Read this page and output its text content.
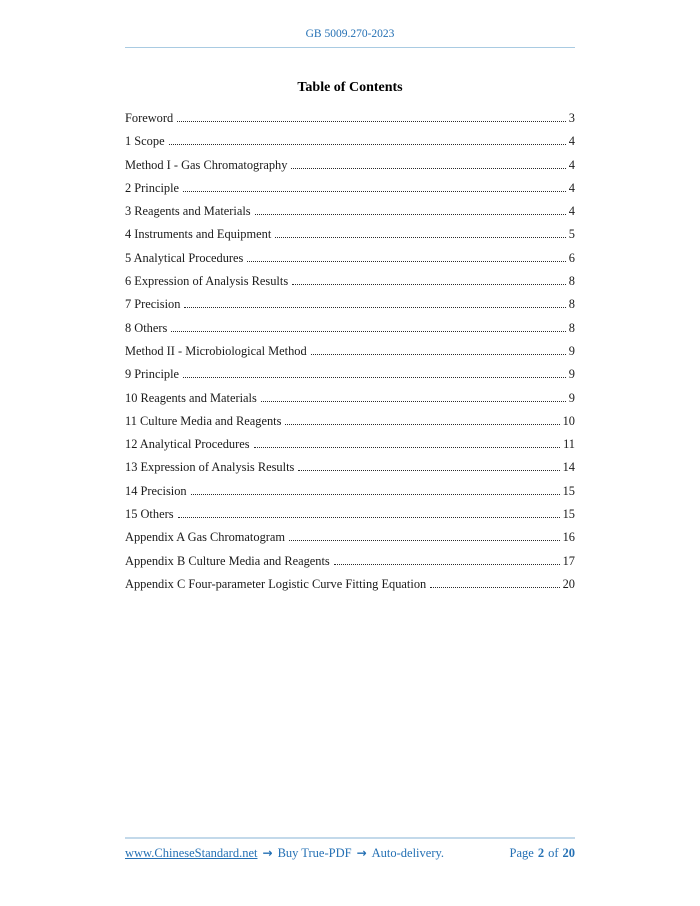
GB 5009.270-2023
Table of Contents
Foreword	3
1 Scope	4
Method I - Gas Chromatography	4
2 Principle	4
3 Reagents and Materials	4
4 Instruments and Equipment	5
5 Analytical Procedures	6
6 Expression of Analysis Results	8
7 Precision	8
8 Others	8
Method II - Microbiological Method	9
9 Principle	9
10 Reagents and Materials	9
11 Culture Media and Reagents	10
12 Analytical Procedures	11
13 Expression of Analysis Results	14
14 Precision	15
15 Others	15
Appendix A Gas Chromatogram	16
Appendix B Culture Media and Reagents	17
Appendix C Four-parameter Logistic Curve Fitting Equation	20
www.ChineseStandard.net → Buy True-PDF → Auto-delivery.	Page 2 of 20
